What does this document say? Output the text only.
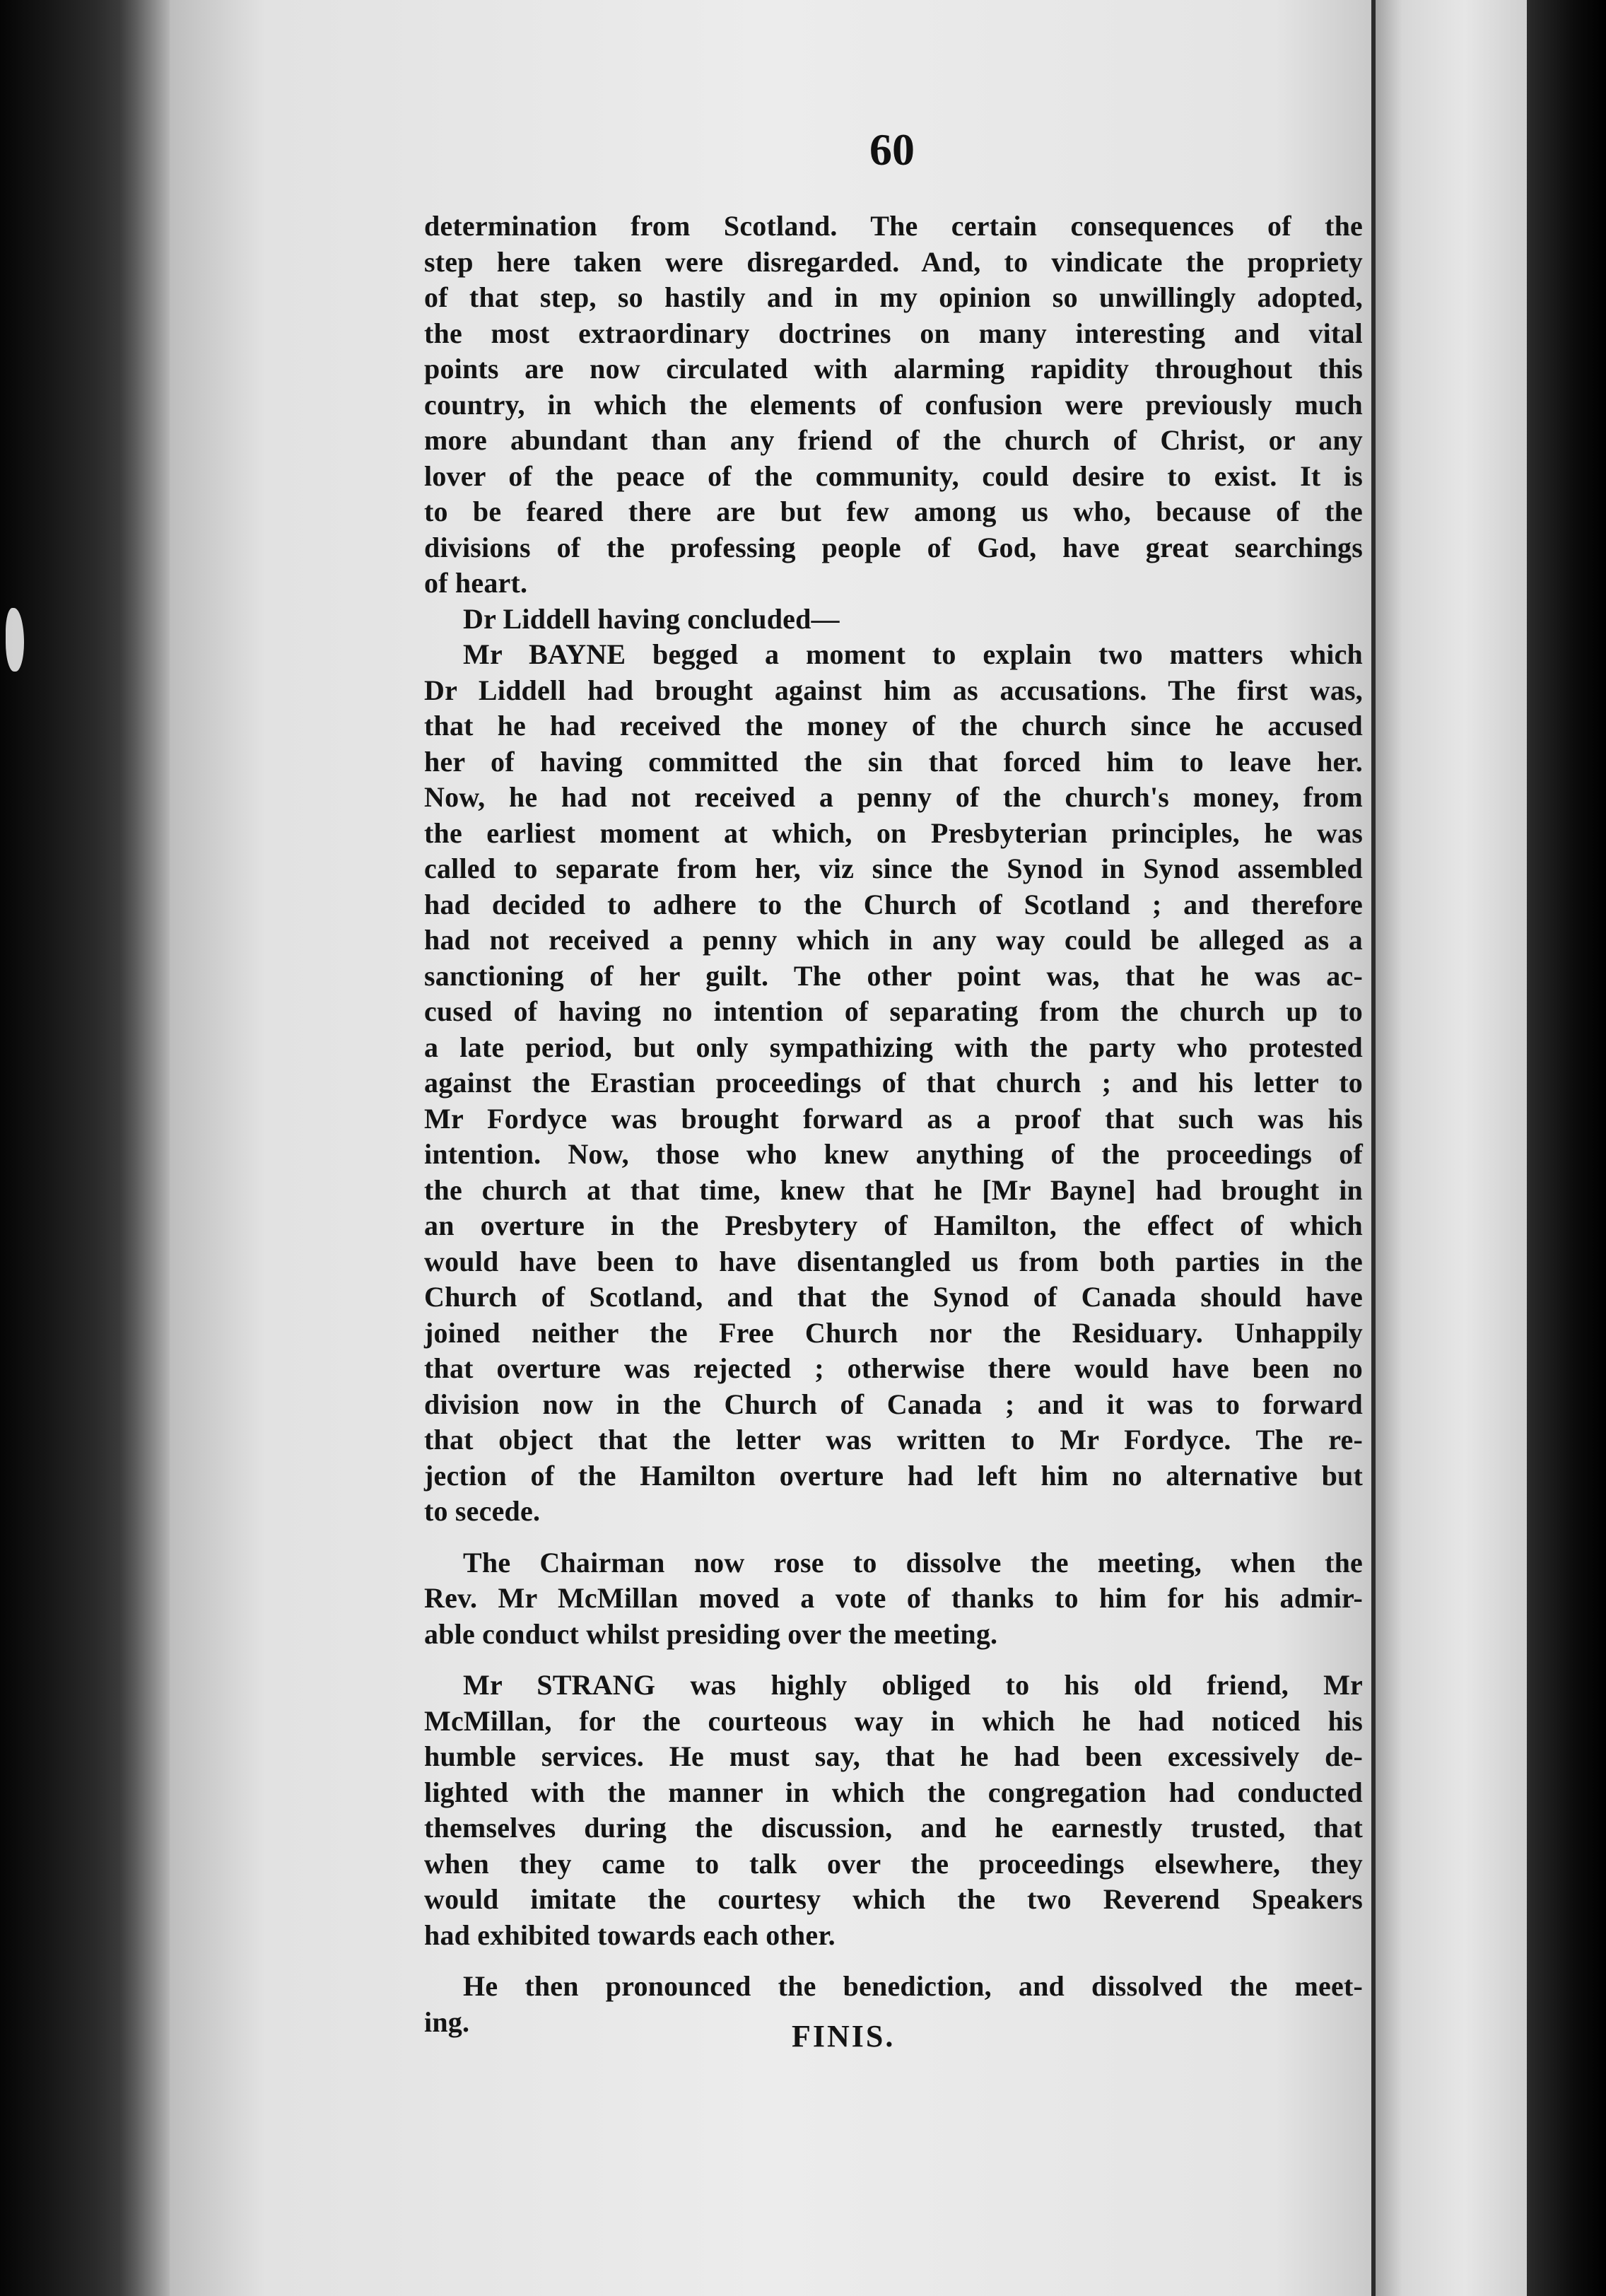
60
determination from Scotland. The certain consequences of the
step here taken were disregarded. And, to vindicate the propriety
of that step, so hastily and in my opinion so unwillingly adopted,
the most extraordinary doctrines on many interesting and vital
points are now circulated with alarming rapidity throughout this
country, in which the elements of confusion were previously much
more abundant than any friend of the church of Christ, or any
lover of the peace of the community, could desire to exist. It is
to be feared there are but few among us who, because of the
divisions of the professing people of God, have great searchings
of heart.
Dr Liddell having concluded—
Mr BAYNE begged a moment to explain two matters which
Dr Liddell had brought against him as accusations. The first was,
that he had received the money of the church since he accused
her of having committed the sin that forced him to leave her.
Now, he had not received a penny of the church's money, from
the earliest moment at which, on Presbyterian principles, he was
called to separate from her, viz since the Synod in Synod assembled
had decided to adhere to the Church of Scotland ; and therefore
had not received a penny which in any way could be alleged as a
sanctioning of her guilt. The other point was, that he was ac-
cused of having no intention of separating from the church up to
a late period, but only sympathizing with the party who protested
against the Erastian proceedings of that church ; and his letter to
Mr Fordyce was brought forward as a proof that such was his
intention. Now, those who knew anything of the proceedings of
the church at that time, knew that he [Mr Bayne] had brought in
an overture in the Presbytery of Hamilton, the effect of which
would have been to have disentangled us from both parties in the
Church of Scotland, and that the Synod of Canada should have
joined neither the Free Church nor the Residuary. Unhappily
that overture was rejected ; otherwise there would have been no
division now in the Church of Canada ; and it was to forward
that object that the letter was written to Mr Fordyce. The re-
jection of the Hamilton overture had left him no alternative but
to secede.
The Chairman now rose to dissolve the meeting, when the
Rev. Mr McMillan moved a vote of thanks to him for his admir-
able conduct whilst presiding over the meeting.
Mr STRANG was highly obliged to his old friend, Mr
McMillan, for the courteous way in which he had noticed his
humble services. He must say, that he had been excessively de-
lighted with the manner in which the congregation had conducted
themselves during the discussion, and he earnestly trusted, that
when they came to talk over the proceedings elsewhere, they
would imitate the courtesy which the two Reverend Speakers
had exhibited towards each other.
He then pronounced the benediction, and dissolved the meet-
ing.	FINIS.
